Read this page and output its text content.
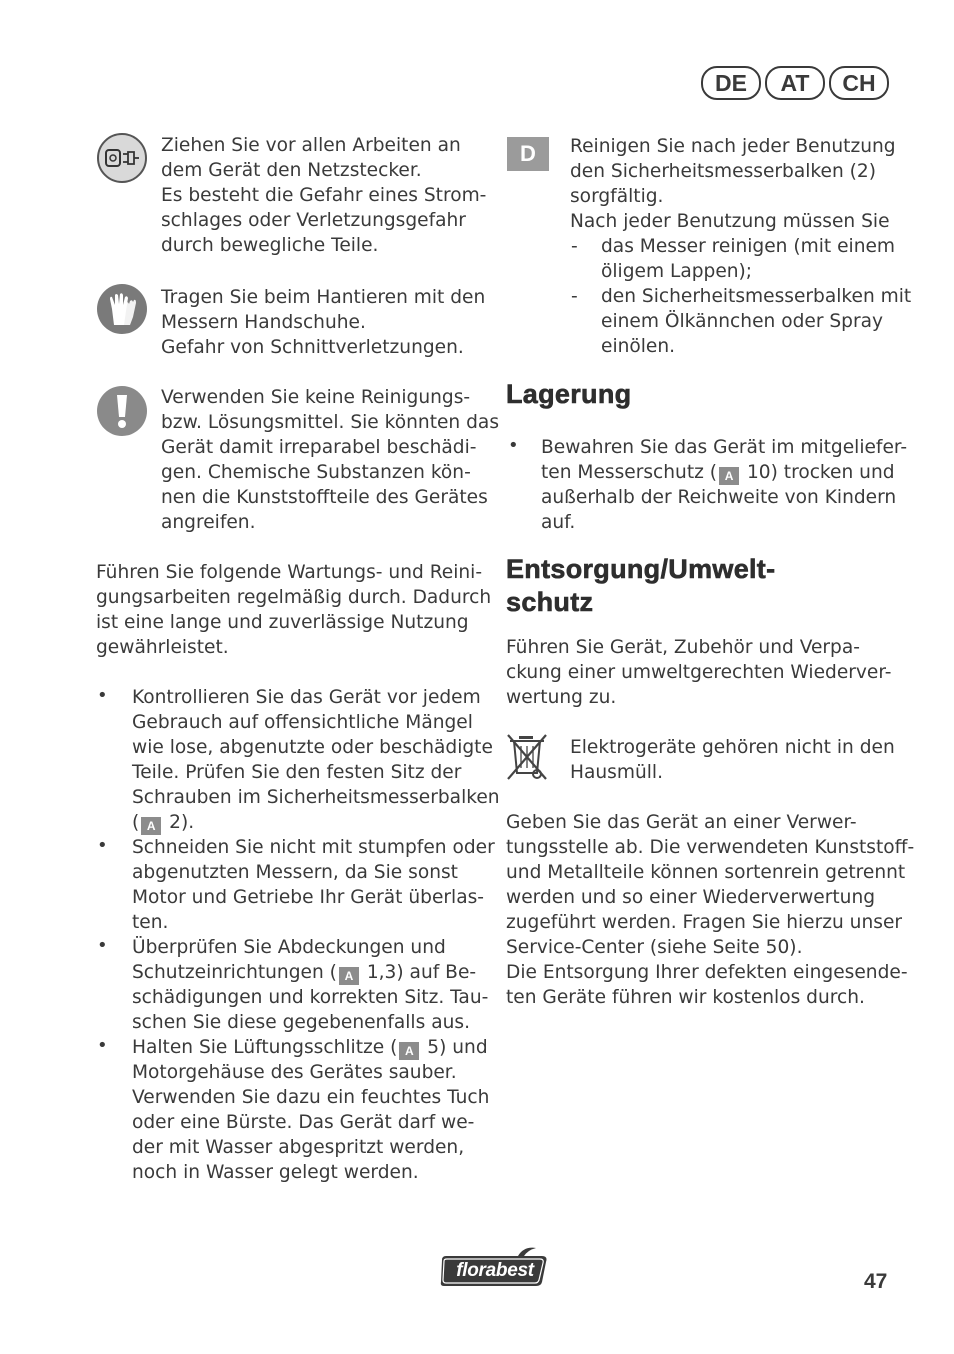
DE	AT	CH
Ziehen Sie vor allen Arbeiten an
dem Gerät den Netzstecker.
Es besteht die Gefahr eines Strom-
schlages oder Verletzungsgefahr
durch bewegliche Teile.
Tragen Sie beim Hantieren mit den
Messern Handschuhe.
Gefahr von Schnittverletzungen.
Verwenden Sie keine Reinigungs-
bzw. Lösungsmittel. Sie könnten das
Gerät damit irreparabel beschädi-
gen. Chemische Substanzen kön-
nen die Kunststoffteile des Gerätes
angreifen.
Führen Sie folgende Wartungs- und Reini-
gungsarbeiten regelmäßig durch. Dadurch
ist eine lange und zuverlässige Nutzung
gewährleistet.
• Kontrollieren Sie das Gerät vor jedem
Gebrauch auf offensichtliche Mängel
wie lose, abgenutzte oder beschädigte
Teile. Prüfen Sie den festen Sitz der
Schrauben im Sicherheitsmesserbalken
( A 2).
• Schneiden Sie nicht mit stumpfen oder
abgenutzten Messern, da Sie sonst
Motor und Getriebe Ihr Gerät überlas-
ten.
• Überprüfen Sie Abdeckungen und
Schutzeinrichtungen ( A 1,3) auf Be-
schädigungen und korrekten Sitz. Tau-
schen Sie diese gegebenenfalls aus.
• Halten Sie Lüftungsschlitze ( A 5) und
Motorgehäuse des Gerätes sauber.
Verwenden Sie dazu ein feuchtes Tuch
oder eine Bürste. Das Gerät darf we-
der mit Wasser abgespritzt werden,
noch in Wasser gelegt werden.
D	Reinigen Sie nach jeder Benutzung
den Sicherheitsmesserbalken (2)
sorgfältig.
Nach jeder Benutzung müssen Sie
- das Messer reinigen (mit einem
öligem Lappen);
- den Sicherheitsmesserbalken mit
einem Ölkännchen oder Spray
einölen.
Lagerung
• Bewahren Sie das Gerät im mitgeliefer-
ten Messerschutz ( A 10) trocken und
außerhalb der Reichweite von Kindern
auf.
Entsorgung/Umwelt-
schutz
Führen Sie Gerät, Zubehör und Verpa-
ckung einer umweltgerechten Wiederver-
wertung zu.
Elektrogeräte gehören nicht in den
Hausmüll.
Geben Sie das Gerät an einer Verwer-
tungsstelle ab. Die verwendeten Kunststoff-
und Metallteile können sortenrein getrennt
werden und so einer Wiederverwertung
zugeführt werden. Fragen Sie hierzu unser
Service-Center (siehe Seite 50).
Die Entsorgung Ihrer defekten eingesende-
ten Geräte führen wir kostenlos durch.
florabest	47
